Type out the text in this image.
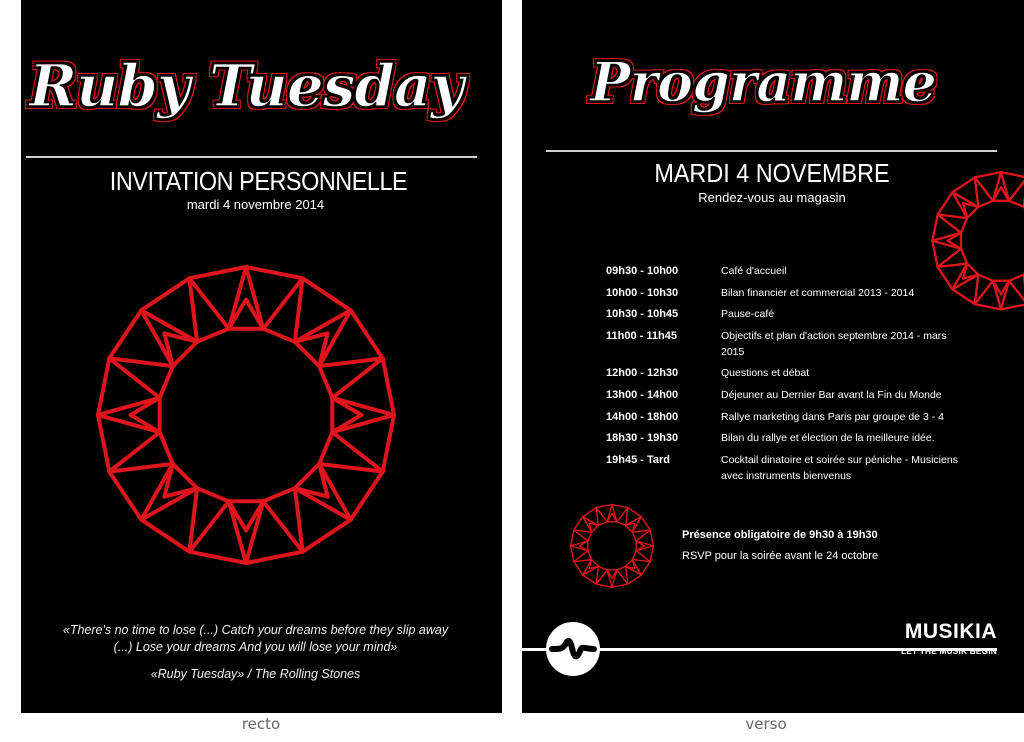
Ruby Tuesday
INVITATION PERSONNELLE
mardi 4 novembre 2014
«There's no time to lose (...) Catch your dreams before they slip away
(...) Lose your dreams And you will lose your mind»
«Ruby Tuesday» / The Rolling Stones
recto
Programme
MARDI 4 NOVEMBRE
Rendez-vous au magasin
09h30 - 10h00	Café d'accueil
10h00 - 10h30	Bilan financier et commercial 2013 - 2014
10h30 - 10h45	Pause-café
11h00 - 11h45	Objectifs et plan d'action septembre 2014 - mars 2015
12h00 - 12h30	Questions et débat
13h00 - 14h00	Déjeuner au Dernier Bar avant la Fin du Monde
14h00 - 18h00	Rallye marketing dans Paris par groupe de 3 - 4
18h30 - 19h30	Bilan du rallye et élection de la meilleure idée.
19h45 - Tard	Cocktail dinatoire et soirée sur péniche - Musiciens avec instruments bienvenus
Présence obligatoire de 9h30 à 19h30
RSVP pour la soirée avant le 24 octobre
MUSIKIA
LET THE MUSIK BEGIN
verso
